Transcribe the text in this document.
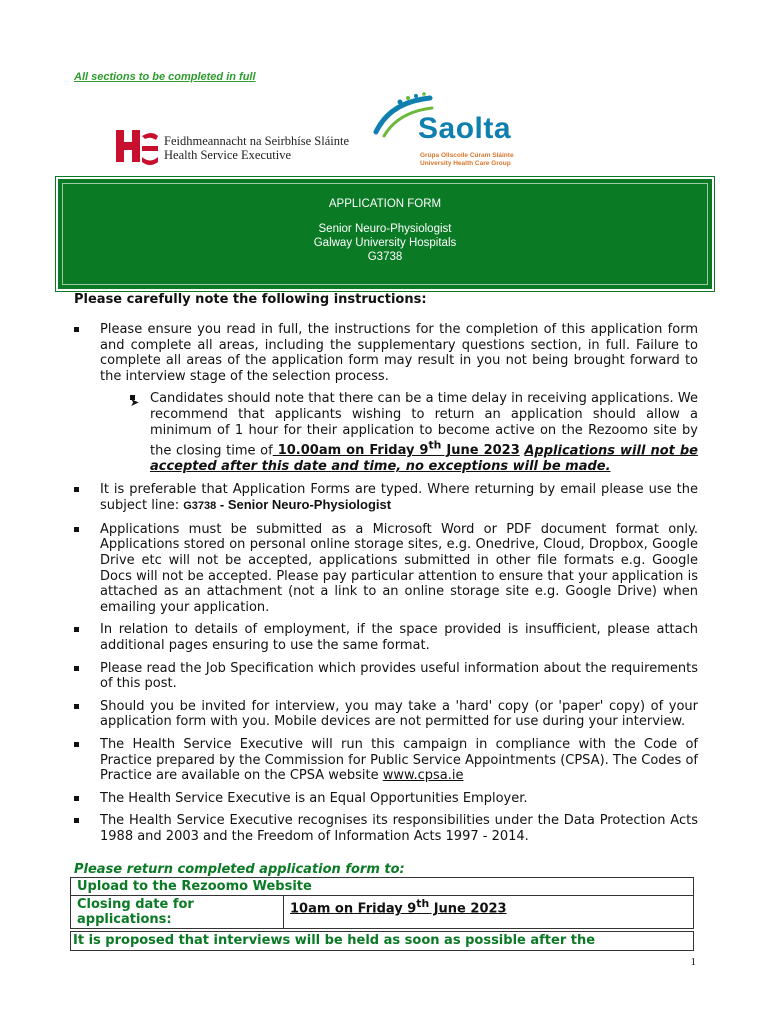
All sections to be completed in full
Feidhmeannacht na Seirbhíse Sláinte
Health Service Executive
Saolta
Grúpa Ollscoile Cúram Sláinte
University Health Care Group
APPLICATION FORM
Senior Neuro-Physiologist
Galway University Hospitals
G3738
Please carefully note the following instructions:
Please ensure you read in full, the instructions for the completion of this application form and complete all areas, including the supplementary questions section, in full. Failure to complete all areas of the application form may result in you not being brought forward to the interview stage of the selection process.
➤ Candidates should note that there can be a time delay in receiving applications. We recommend that applicants wishing to return an application should allow a minimum of 1 hour for their application to become active on the Rezoomo site by the closing time of 10.00am on Friday 9th June 2023 Applications will not be accepted after this date and time, no exceptions will be made.
It is preferable that Application Forms are typed. Where returning by email please use the subject line: G3738 - Senior Neuro-Physiologist
Applications must be submitted as a Microsoft Word or PDF document format only. Applications stored on personal online storage sites, e.g. Onedrive, Cloud, Dropbox, Google Drive etc will not be accepted, applications submitted in other file formats e.g. Google Docs will not be accepted. Please pay particular attention to ensure that your application is attached as an attachment (not a link to an online storage site e.g. Google Drive) when emailing your application.
In relation to details of employment, if the space provided is insufficient, please attach additional pages ensuring to use the same format.
Please read the Job Specification which provides useful information about the requirements of this post.
Should you be invited for interview, you may take a 'hard' copy (or 'paper' copy) of your application form with you. Mobile devices are not permitted for use during your interview.
The Health Service Executive will run this campaign in compliance with the Code of Practice prepared by the Commission for Public Service Appointments (CPSA). The Codes of Practice are available on the CPSA website www.cpsa.ie
The Health Service Executive is an Equal Opportunities Employer.
The Health Service Executive recognises its responsibilities under the Data Protection Acts 1988 and 2003 and the Freedom of Information Acts 1997 - 2014.
Please return completed application form to:
Upload to the Rezoomo Website
Closing date for applications:	10am on Friday 9th June 2023
It is proposed that interviews will be held as soon as possible after the
1
